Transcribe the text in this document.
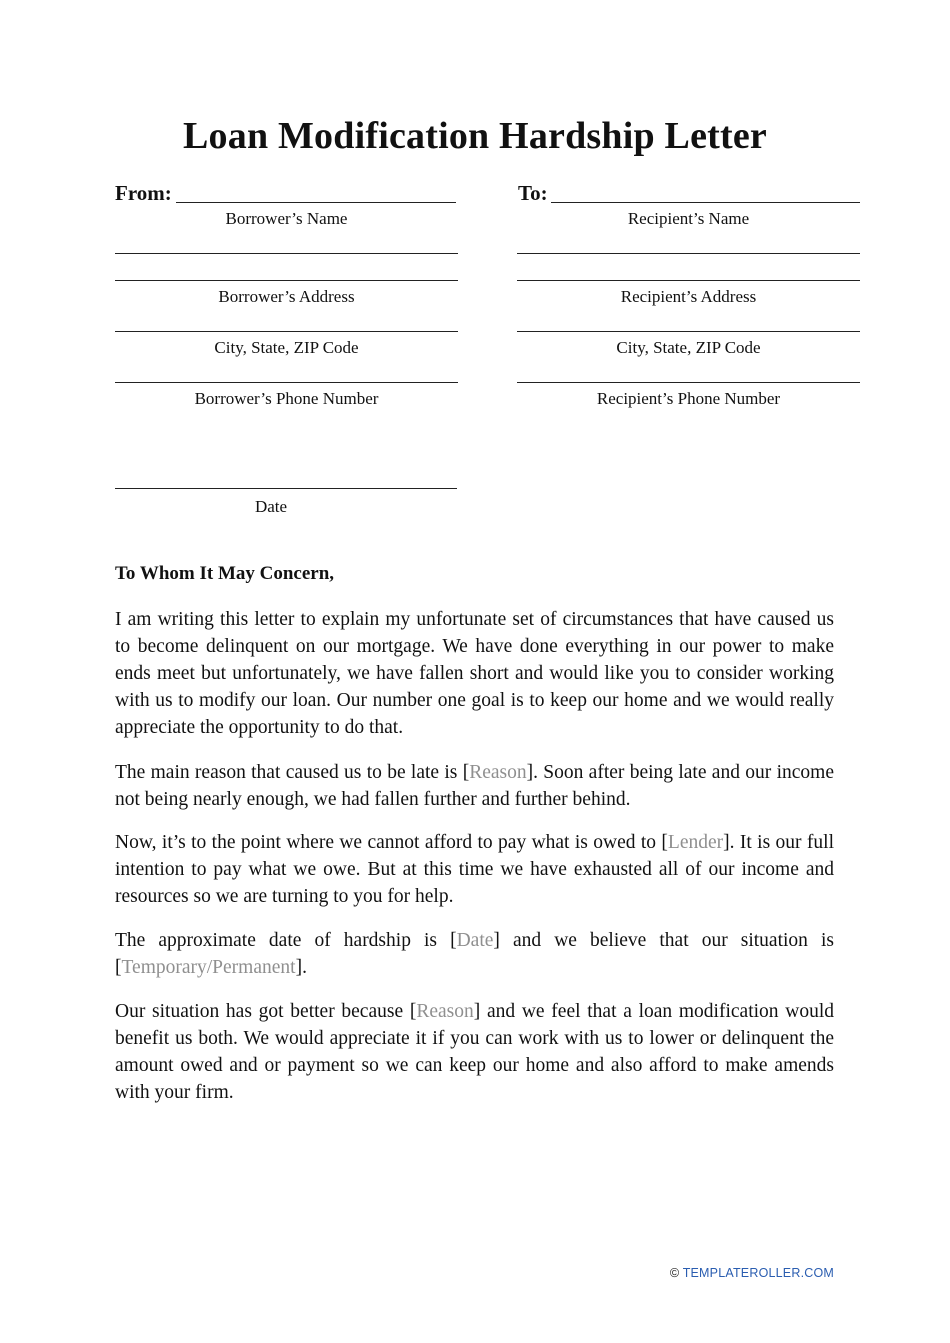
Loan Modification Hardship Letter
From:
Borrower’s Name
Borrower’s Address
City, State, ZIP Code
Borrower’s Phone Number
Date
To:
Recipient’s Name
Recipient’s Address
City, State, ZIP Code
Recipient’s Phone Number
To Whom It May Concern,

I am writing this letter to explain my unfortunate set of circumstances that have caused us to become delinquent on our mortgage. We have done everything in our power to make ends meet but unfortunately, we have fallen short and would like you to consider working with us to modify our loan. Our number one goal is to keep our home and we would really appreciate the opportunity to do that.

The main reason that caused us to be late is [Reason]. Soon after being late and our income not being nearly enough, we had fallen further and further behind.

Now, it’s to the point where we cannot afford to pay what is owed to [Lender]. It is our full intention to pay what we owe. But at this time we have exhausted all of our income and resources so we are turning to you for help.

The approximate date of hardship is [Date] and we believe that our situation is [Temporary/Permanent].

Our situation has got better because [Reason] and we feel that a loan modification would benefit us both. We would appreciate it if you can work with us to lower or delinquent the amount owed and or payment so we can keep our home and also afford to make amends with your firm.

© TEMPLATEROLLER.COM
